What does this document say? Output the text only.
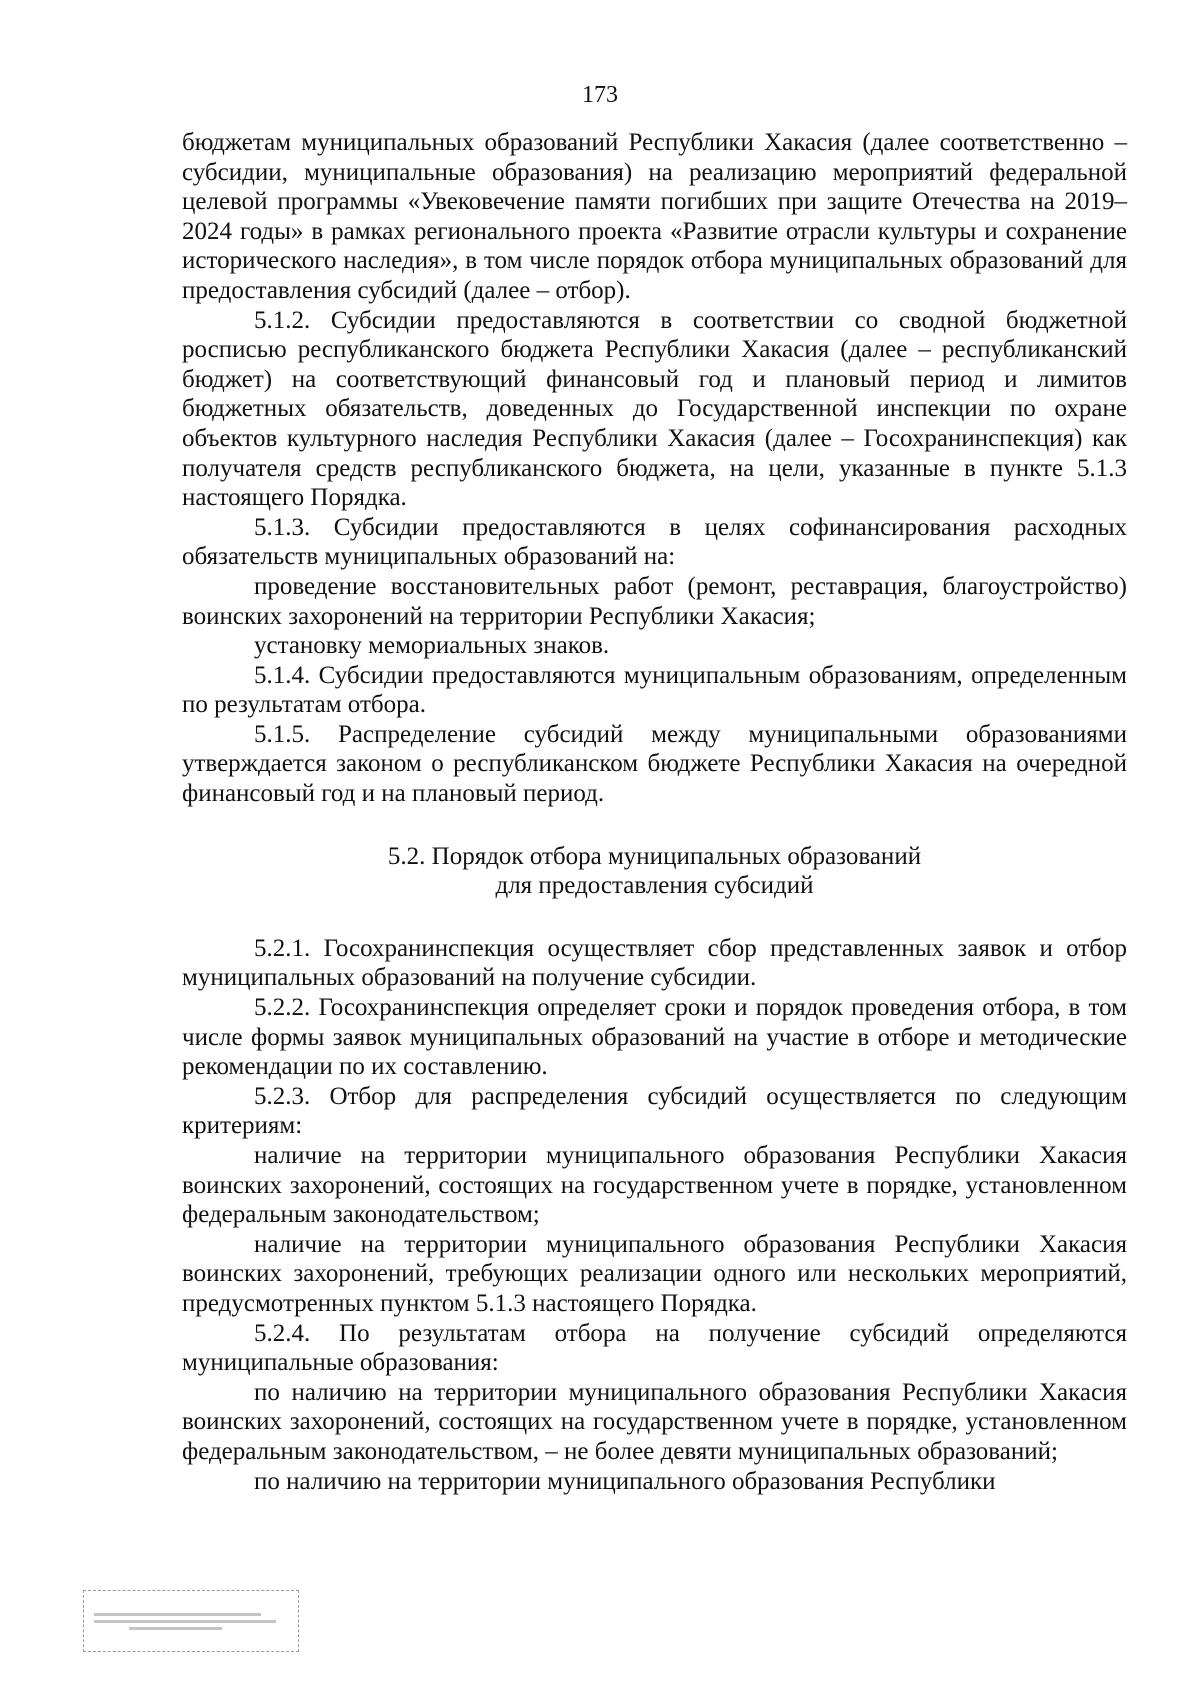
173

бюджетам муниципальных образований Республики Хакасия (далее соответственно – субсидии, муниципальные образования) на реализацию мероприятий федеральной целевой программы «Увековечение памяти погибших при защите Отечества на 2019–2024 годы» в рамках регионального проекта «Развитие отрасли культуры и сохранение исторического наследия», в том числе порядок отбора муниципальных образований для предоставления субсидий (далее – отбор).

5.1.2. Субсидии предоставляются в соответствии со сводной бюджетной росписью республиканского бюджета Республики Хакасия (далее – республиканский бюджет) на соответствующий финансовый год и плановый период и лимитов бюджетных обязательств, доведенных до Государственной инспекции по охране объектов культурного наследия Республики Хакасия (далее – Госохранинспекция) как получателя средств республиканского бюджета, на цели, указанные в пункте 5.1.3 настоящего Порядка.

5.1.3. Субсидии предоставляются в целях софинансирования расходных обязательств муниципальных образований на:

проведение восстановительных работ (ремонт, реставрация, благоустройство) воинских захоронений на территории Республики Хакасия;

установку мемориальных знаков.

5.1.4. Субсидии предоставляются муниципальным образованиям, определенным по результатам отбора.

5.1.5. Распределение субсидий между муниципальными образованиями утверждается законом о республиканском бюджете Республики Хакасия на очередной финансовый год и на плановый период.

5.2. Порядок отбора муниципальных образований
для предоставления субсидий

5.2.1. Госохранинспекция осуществляет сбор представленных заявок и отбор муниципальных образований на получение субсидии.

5.2.2. Госохранинспекция определяет сроки и порядок проведения отбора, в том числе формы заявок муниципальных образований на участие в отборе и методические рекомендации по их составлению.

5.2.3. Отбор для распределения субсидий осуществляется по следующим критериям:

наличие на территории муниципального образования Республики Хакасия воинских захоронений, состоящих на государственном учете в порядке, установленном федеральным законодательством;

наличие на территории муниципального образования Республики Хакасия воинских захоронений, требующих реализации одного или нескольких мероприятий, предусмотренных пунктом 5.1.3 настоящего Порядка.

5.2.4. По результатам отбора на получение субсидий определяются муниципальные образования:

по наличию на территории муниципального образования Республики Хакасия воинских захоронений, состоящих на государственном учете в порядке, установленном федеральным законодательством, – не более девяти муниципальных образований;

по наличию на территории муниципального образования Республики
